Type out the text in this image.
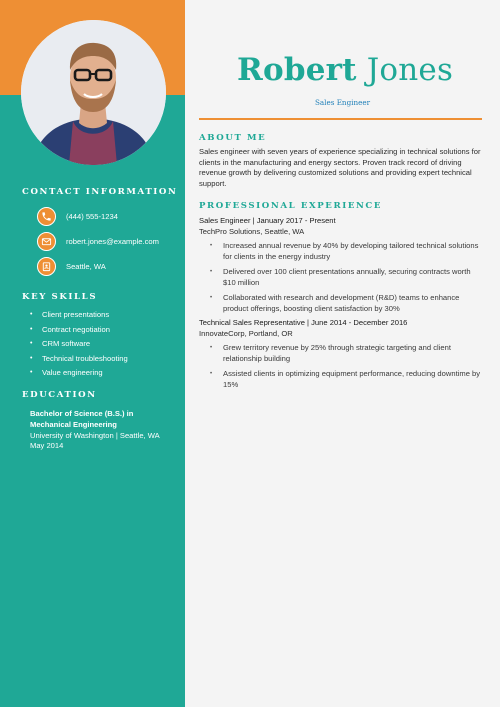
CONTACT INFORMATION
(444) 555-1234
robert.jones@example.com
Seattle, WA
KEY SKILLS
• Client presentations
• Contract negotiation
• CRM software
• Technical troubleshooting
• Value engineering
EDUCATION
Bachelor of Science (B.S.) in
Mechanical Engineering
University of Washington | Seattle, WA
May 2014
Robert Jones
Sales Engineer
ABOUT ME
Sales engineer with seven years of experience specializing in technical solutions for clients in the manufacturing and energy sectors. Proven track record of driving revenue growth by delivering customized solutions and providing expert technical support.
PROFESSIONAL EXPERIENCE
Sales Engineer | January 2017 - Present
TechPro Solutions, Seattle, WA
• Increased annual revenue by 40% by developing tailored technical solutions for clients in the energy industry
• Delivered over 100 client presentations annually, securing contracts worth $10 million
• Collaborated with research and development (R&D) teams to enhance product offerings, boosting client satisfaction by 30%
Technical Sales Representative | June 2014 - December 2016
InnovateCorp, Portland, OR
• Grew territory revenue by 25% through strategic targeting and client relationship building
• Assisted clients in optimizing equipment performance, reducing downtime by 15%
